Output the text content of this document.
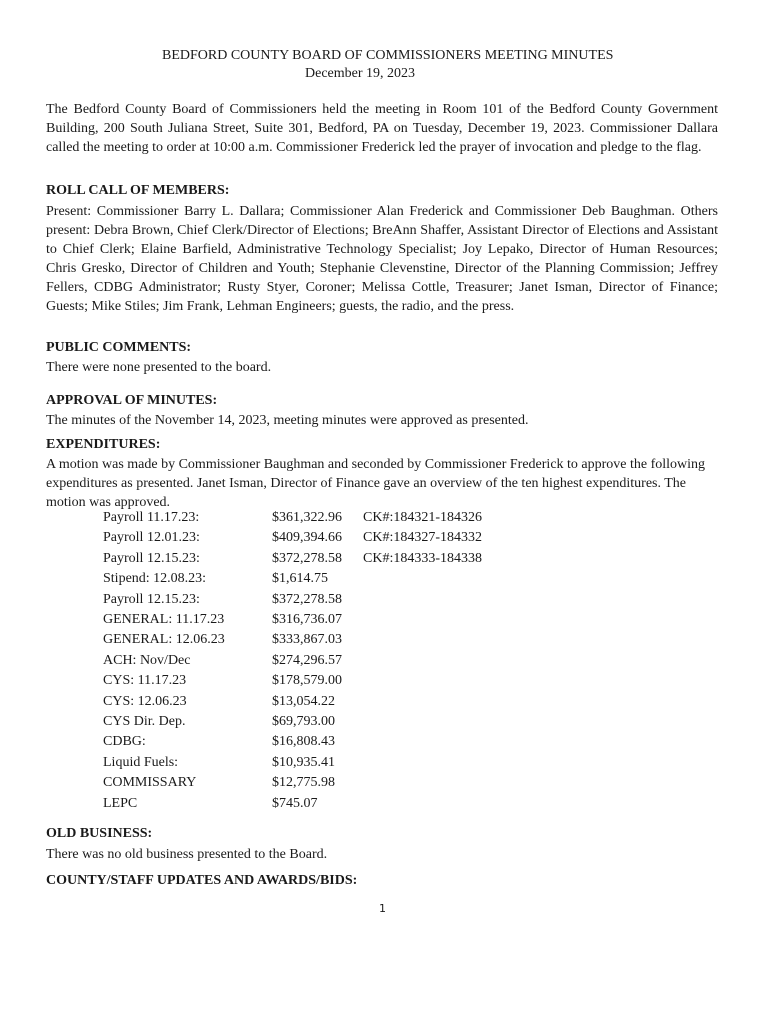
BEDFORD COUNTY BOARD OF COMMISSIONERS MEETING MINUTES
December 19, 2023

The Bedford County Board of Commissioners held the meeting in Room 101 of the Bedford County Government Building, 200 South Juliana Street, Suite 301, Bedford, PA on Tuesday, December 19, 2023. Commissioner Dallara called the meeting to order at 10:00 a.m. Commissioner Frederick led the prayer of invocation and pledge to the flag.

ROLL CALL OF MEMBERS:

Present: Commissioner Barry L. Dallara; Commissioner Alan Frederick and Commissioner Deb Baughman. Others present: Debra Brown, Chief Clerk/Director of Elections; BreAnn Shaffer, Assistant Director of Elections and Assistant to Chief Clerk; Elaine Barfield, Administrative Technology Specialist; Joy Lepako, Director of Human Resources; Chris Gresko, Director of Children and Youth; Stephanie Clevenstine, Director of the Planning Commission; Jeffrey Fellers, CDBG Administrator; Rusty Styer, Coroner; Melissa Cottle, Treasurer; Janet Isman, Director of Finance; Guests; Mike Stiles; Jim Frank, Lehman Engineers; guests, the radio, and the press.

PUBLIC COMMENTS:

There were none presented to the board.

APPROVAL OF MINUTES:

The minutes of the November 14, 2023, meeting minutes were approved as presented.

EXPENDITURES:

A motion was made by Commissioner Baughman and seconded by Commissioner Frederick to approve the following expenditures as presented. Janet Isman, Director of Finance gave an overview of the ten highest expenditures. The motion was approved.

Payroll 11.17.23:	$361,322.96	CK#:184321-184326
Payroll 12.01.23:	$409,394.66	CK#:184327-184332
Payroll 12.15.23:	$372,278.58	CK#:184333-184338
Stipend: 12.08.23:	$1,614.75	
Payroll 12.15.23:	$372,278.58	
GENERAL: 11.17.23	$316,736.07	
GENERAL: 12.06.23	$333,867.03	
ACH: Nov/Dec	$274,296.57	
CYS: 11.17.23	$178,579.00	
CYS: 12.06.23	$13,054.22	
CYS Dir. Dep.	$69,793.00	
CDBG:	$16,808.43	
Liquid Fuels:	$10,935.41	
COMMISSARY	$12,775.98	
LEPC	$745.07	

OLD BUSINESS:

There was no old business presented to the Board.

COUNTY/STAFF UPDATES AND AWARDS/BIDS:

1
